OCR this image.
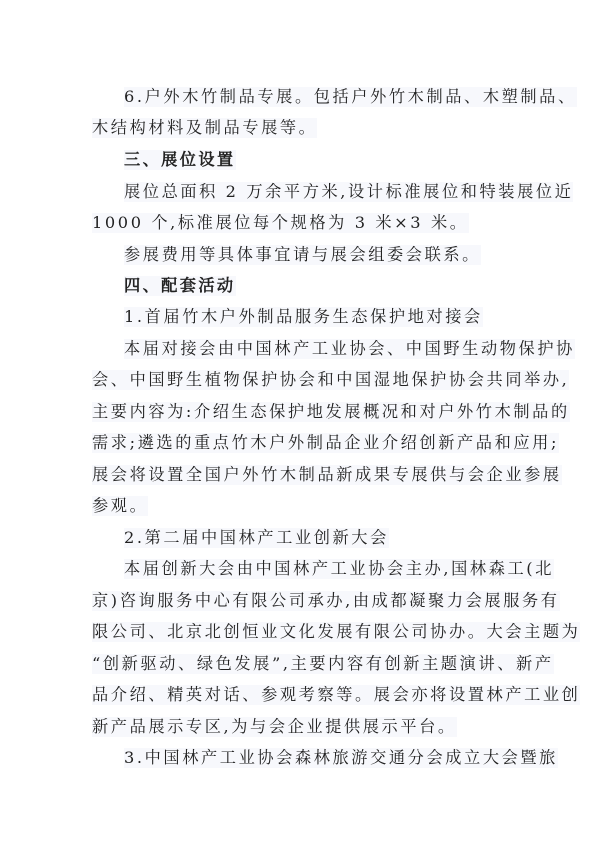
6.户外木竹制品专展。包括户外竹木制品、木塑制品、
木结构材料及制品专展等。
三、展位设置
展位总面积 2 万余平方米,设计标准展位和特装展位近
1000 个,标准展位每个规格为 3 米×3 米。
参展费用等具体事宜请与展会组委会联系。
四、配套活动
1.首届竹木户外制品服务生态保护地对接会
本届对接会由中国林产工业协会、中国野生动物保护协
会、中国野生植物保护协会和中国湿地保护协会共同举办,
主要内容为:介绍生态保护地发展概况和对户外竹木制品的
需求;遴选的重点竹木户外制品企业介绍创新产品和应用;
展会将设置全国户外竹木制品新成果专展供与会企业参展
参观。
2.第二届中国林产工业创新大会
本届创新大会由中国林产工业协会主办,国林森工(北
京)咨询服务中心有限公司承办,由成都凝聚力会展服务有
限公司、北京北创恒业文化发展有限公司协办。大会主题为
“创新驱动、绿色发展”,主要内容有创新主题演讲、新产
品介绍、精英对话、参观考察等。展会亦将设置林产工业创
新产品展示专区,为与会企业提供展示平台。
3.中国林产工业协会森林旅游交通分会成立大会暨旅
